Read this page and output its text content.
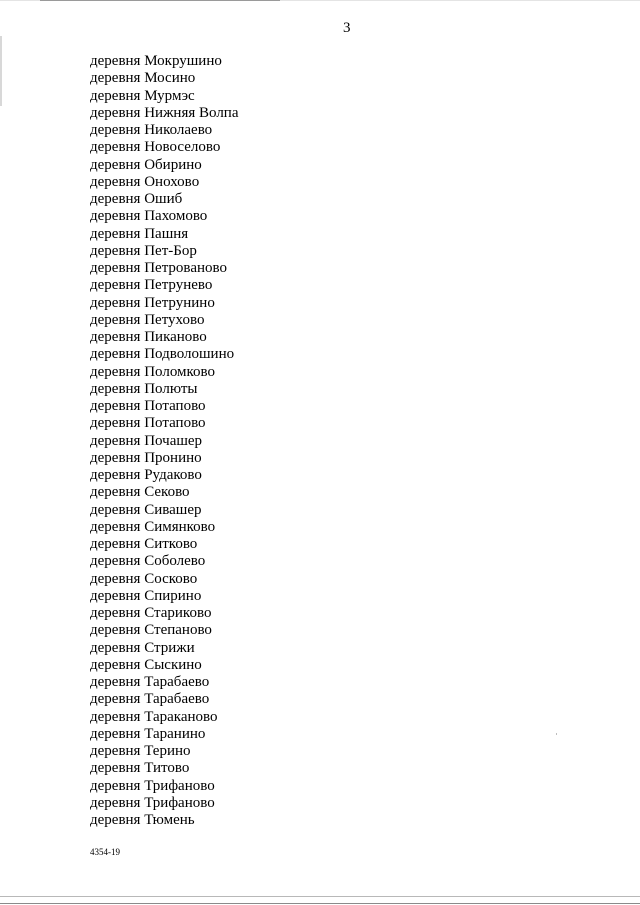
3
деревня Мокрушино
деревня Мосино
деревня Мурмэс
деревня Нижняя Волпа
деревня Николаево
деревня Новоселово
деревня Обирино
деревня Оноховo
деревня Ошиб
деревня Пахомово
деревня Пашня
деревня Пет-Бор
деревня Петрованово
деревня Петрунево
деревня Петрунино
деревня Петухово
деревня Пиканово
деревня Подволошино
деревня Поломково
деревня Полюты
деревня Потапово
деревня Потапово
деревня Почашер
деревня Пронино
деревня Рудаково
деревня Секово
деревня Сивашер
деревня Симянково
деревня Ситково
деревня Соболево
деревня Сосково
деревня Спирино
деревня Стариково
деревня Степаново
деревня Стрижи
деревня Сыскино
деревня Тарабаево
деревня Тарабаево
деревня Тараканово
деревня Таранино
деревня Терино
деревня Титово
деревня Трифаново
деревня Трифаново
деревня Тюмень
4354-19
